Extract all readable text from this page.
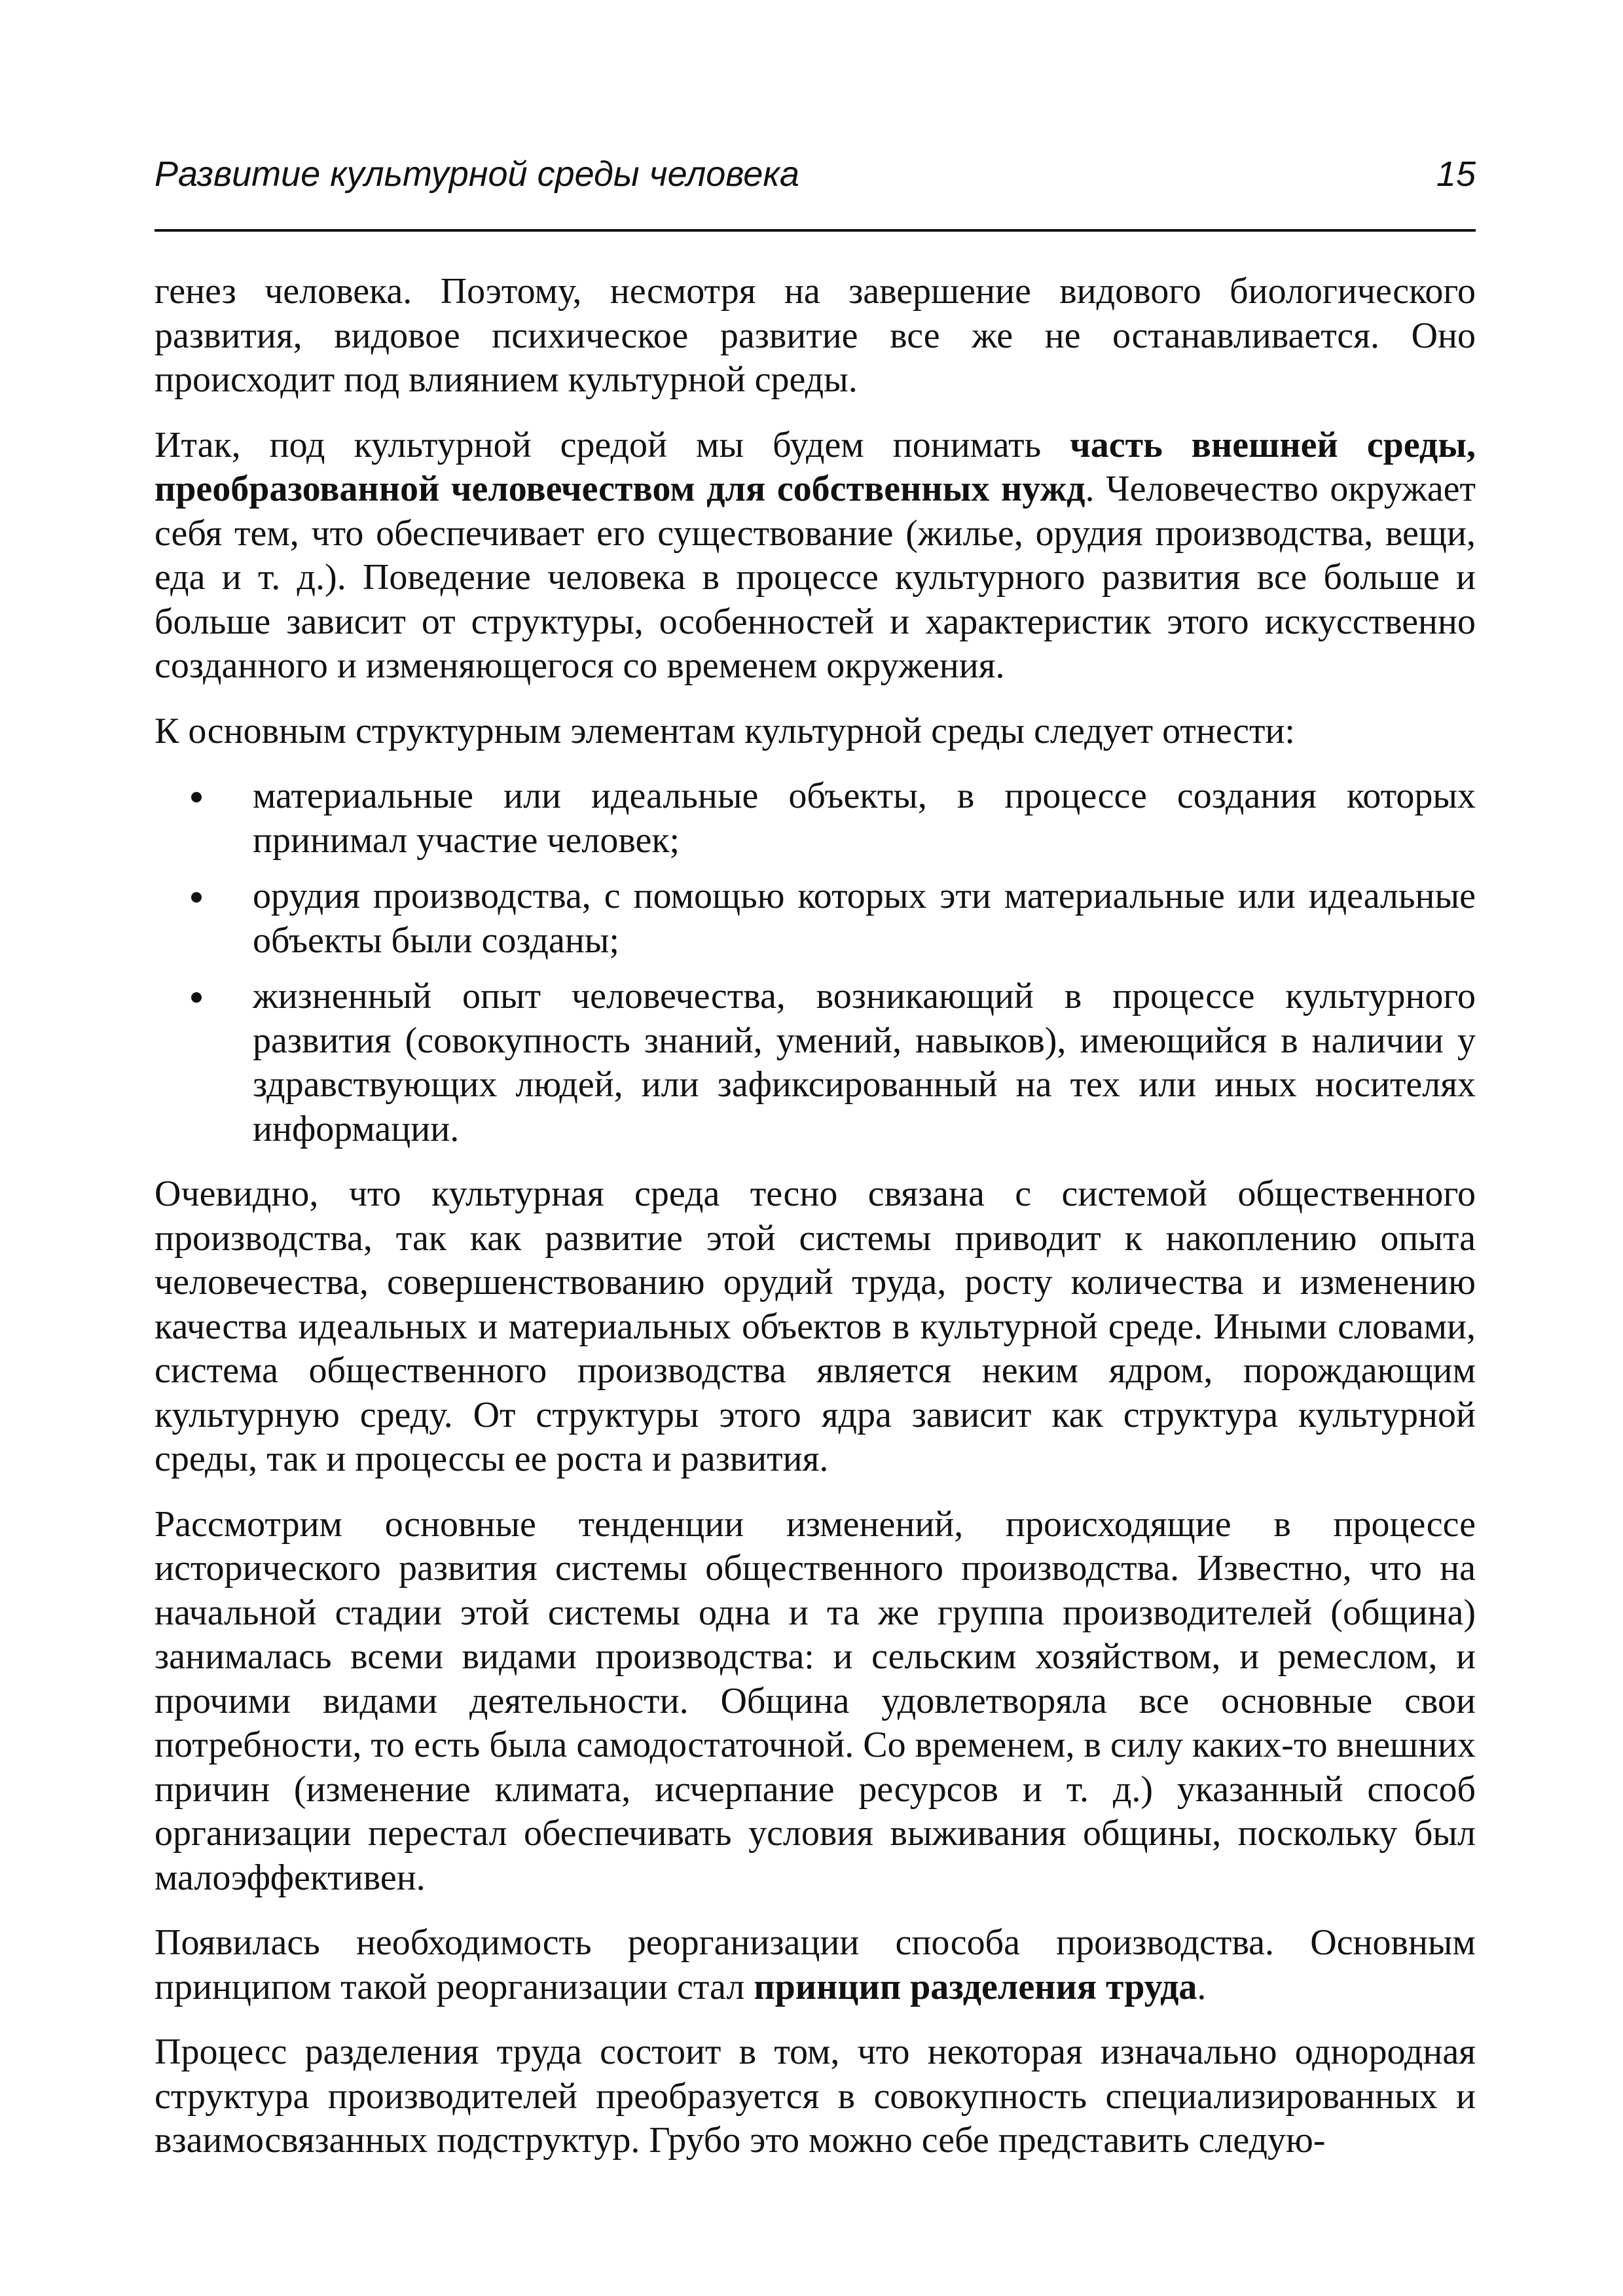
Развитие культурной среды человека	15

генез человека. Поэтому, несмотря на завершение видового биологического развития, видовое психическое развитие все же не останавливается. Оно происходит под влиянием культурной среды.

Итак, под культурной средой мы будем понимать часть внешней среды, преобразованной человечеством для собственных нужд. Человечество окружает себя тем, что обеспечивает его существование (жилье, орудия производства, вещи, еда и т. д.). Поведение человека в процессе культурного развития все больше и больше зависит от структуры, особенностей и характеристик этого искусственно созданного и изменяющегося со временем окружения.

К основным структурным элементам культурной среды следует отнести:

материальные или идеальные объекты, в процессе создания которых принимал участие человек;
орудия производства, с помощью которых эти материальные или идеальные объекты были созданы;
жизненный опыт человечества, возникающий в процессе культурного развития (совокупность знаний, умений, навыков), имеющийся в наличии у здравствующих людей, или зафиксированный на тех или иных носителях информации.

Очевидно, что культурная среда тесно связана с системой общественного производства, так как развитие этой системы приводит к накоплению опыта человечества, совершенствованию орудий труда, росту количества и изменению качества идеальных и материальных объектов в культурной среде. Иными словами, система общественного производства является неким ядром, порождающим культурную среду. От структуры этого ядра зависит как структура культурной среды, так и процессы ее роста и развития.

Рассмотрим основные тенденции изменений, происходящие в процессе исторического развития системы общественного производства. Известно, что на начальной стадии этой системы одна и та же группа производителей (община) занималась всеми видами производства: и сельским хозяйством, и ремеслом, и прочими видами деятельности. Община удовлетворяла все основные свои потребности, то есть была самодостаточной. Со временем, в силу каких-то внешних причин (изменение климата, исчерпание ресурсов и т. д.) указанный способ организации перестал обеспечивать условия выживания общины, поскольку был малоэффективен.

Появилась необходимость реорганизации способа производства. Основным принципом такой реорганизации стал принцип разделения труда.

Процесс разделения труда состоит в том, что некоторая изначально однородная структура производителей преобразуется в совокупность специализированных и взаимосвязанных подструктур. Грубо это можно себе представить следую-
